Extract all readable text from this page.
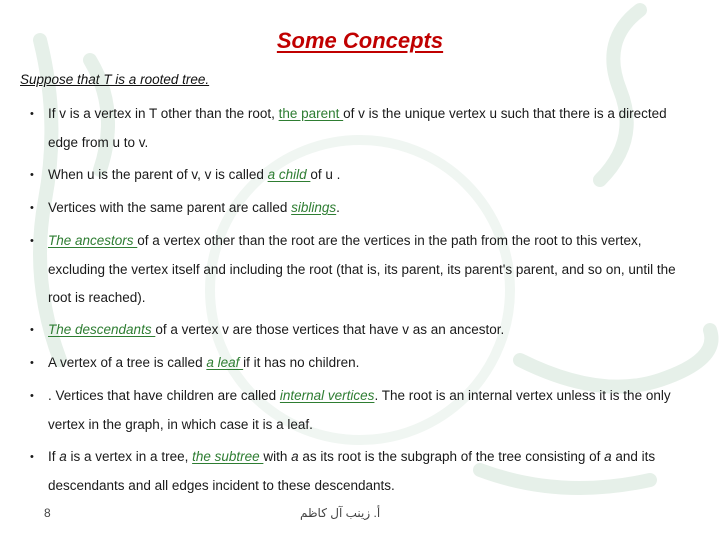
Some Concepts
Suppose that T is a rooted tree.
• If v is a vertex in T other than the root, the parent of v is the unique vertex u such that there is a directed edge from u to v.
• When u is the parent of v, v is called a child of u .
• Vertices with the same parent are called siblings.
• The ancestors of a vertex other than the root are the vertices in the path from the root to this vertex, excluding the vertex itself and including the root (that is, its parent, its parent's parent, and so on, until the root is reached).
• The descendants of a vertex v are those vertices that have v as an ancestor.
• A vertex of a tree is called a leaf if it has no children.
• . Vertices that have children are called internal vertices. The root is an internal vertex unless it is the only vertex in the graph, in which case it is a leaf.
• If a is a vertex in a tree, the subtree with a as its root is the subgraph of the tree consisting of a and its descendants and all edges incident to these descendants.
8	أ. زينب آل كاظم
